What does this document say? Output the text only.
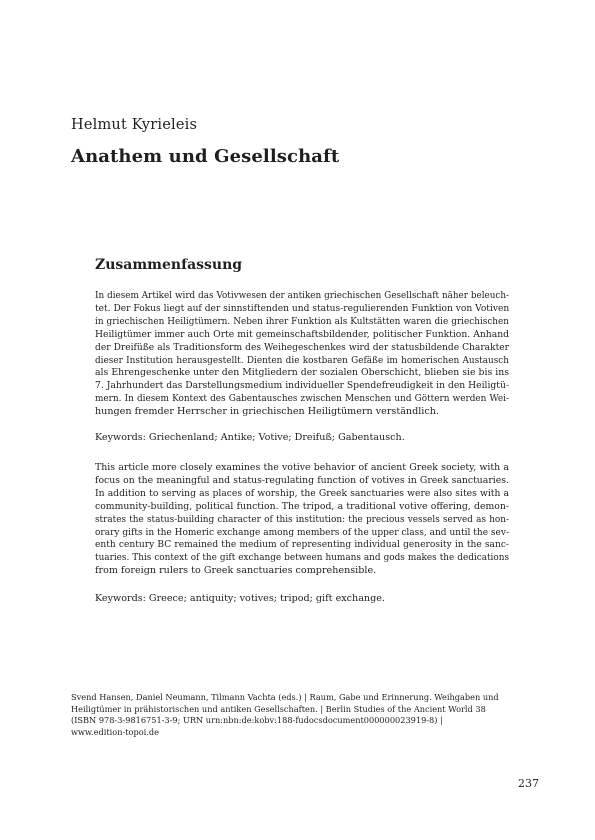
Helmut Kyrieleis
Anathem und Gesellschaft
Zusammenfassung
In diesem Artikel wird das Votivwesen der antiken griechischen Gesellschaft näher beleuch-
tet. Der Fokus liegt auf der sinnstiftenden und status-regulierenden Funktion von Votiven
in griechischen Heiligtümern. Neben ihrer Funktion als Kultstätten waren die griechischen
Heiligtümer immer auch Orte mit gemeinschaftsbildender, politischer Funktion. Anhand
der Dreifüße als Traditionsform des Weihegeschenkes wird der statusbildende Charakter
dieser Institution herausgestellt. Dienten die kostbaren Gefäße im homerischen Austausch
als Ehrengeschenke unter den Mitgliedern der sozialen Oberschicht, blieben sie bis ins
7. Jahrhundert das Darstellungsmedium individueller Spendefreudigkeit in den Heiligtü-
mern. In diesem Kontext des Gabentausches zwischen Menschen und Göttern werden Wei-
hungen fremder Herrscher in griechischen Heiligtümern verständlich.
Keywords: Griechenland; Antike; Votive; Dreifuß; Gabentausch.
This article more closely examines the votive behavior of ancient Greek society, with a
focus on the meaningful and status-regulating function of votives in Greek sanctuaries.
In addition to serving as places of worship, the Greek sanctuaries were also sites with a
community-building, political function. The tripod, a traditional votive offering, demon-
strates the status-building character of this institution: the precious vessels served as hon-
orary gifts in the Homeric exchange among members of the upper class, and until the sev-
enth century BC remained the medium of representing individual generosity in the sanc-
tuaries. This context of the gift exchange between humans and gods makes the dedications
from foreign rulers to Greek sanctuaries comprehensible.
Keywords: Greece; antiquity; votives; tripod; gift exchange.
Svend Hansen, Daniel Neumann, Tilmann Vachta (eds.) | Raum, Gabe und Erinnerung. Weihgaben und
Heiligtümer in prähistorischen und antiken Gesellschaften. | Berlin Studies of the Ancient World 38
(ISBN 978-3-9816751-3-9; URN urn:nbn:de:kobv:188-fudocsdocument000000023919-8) |
www.edition-topoi.de
237
